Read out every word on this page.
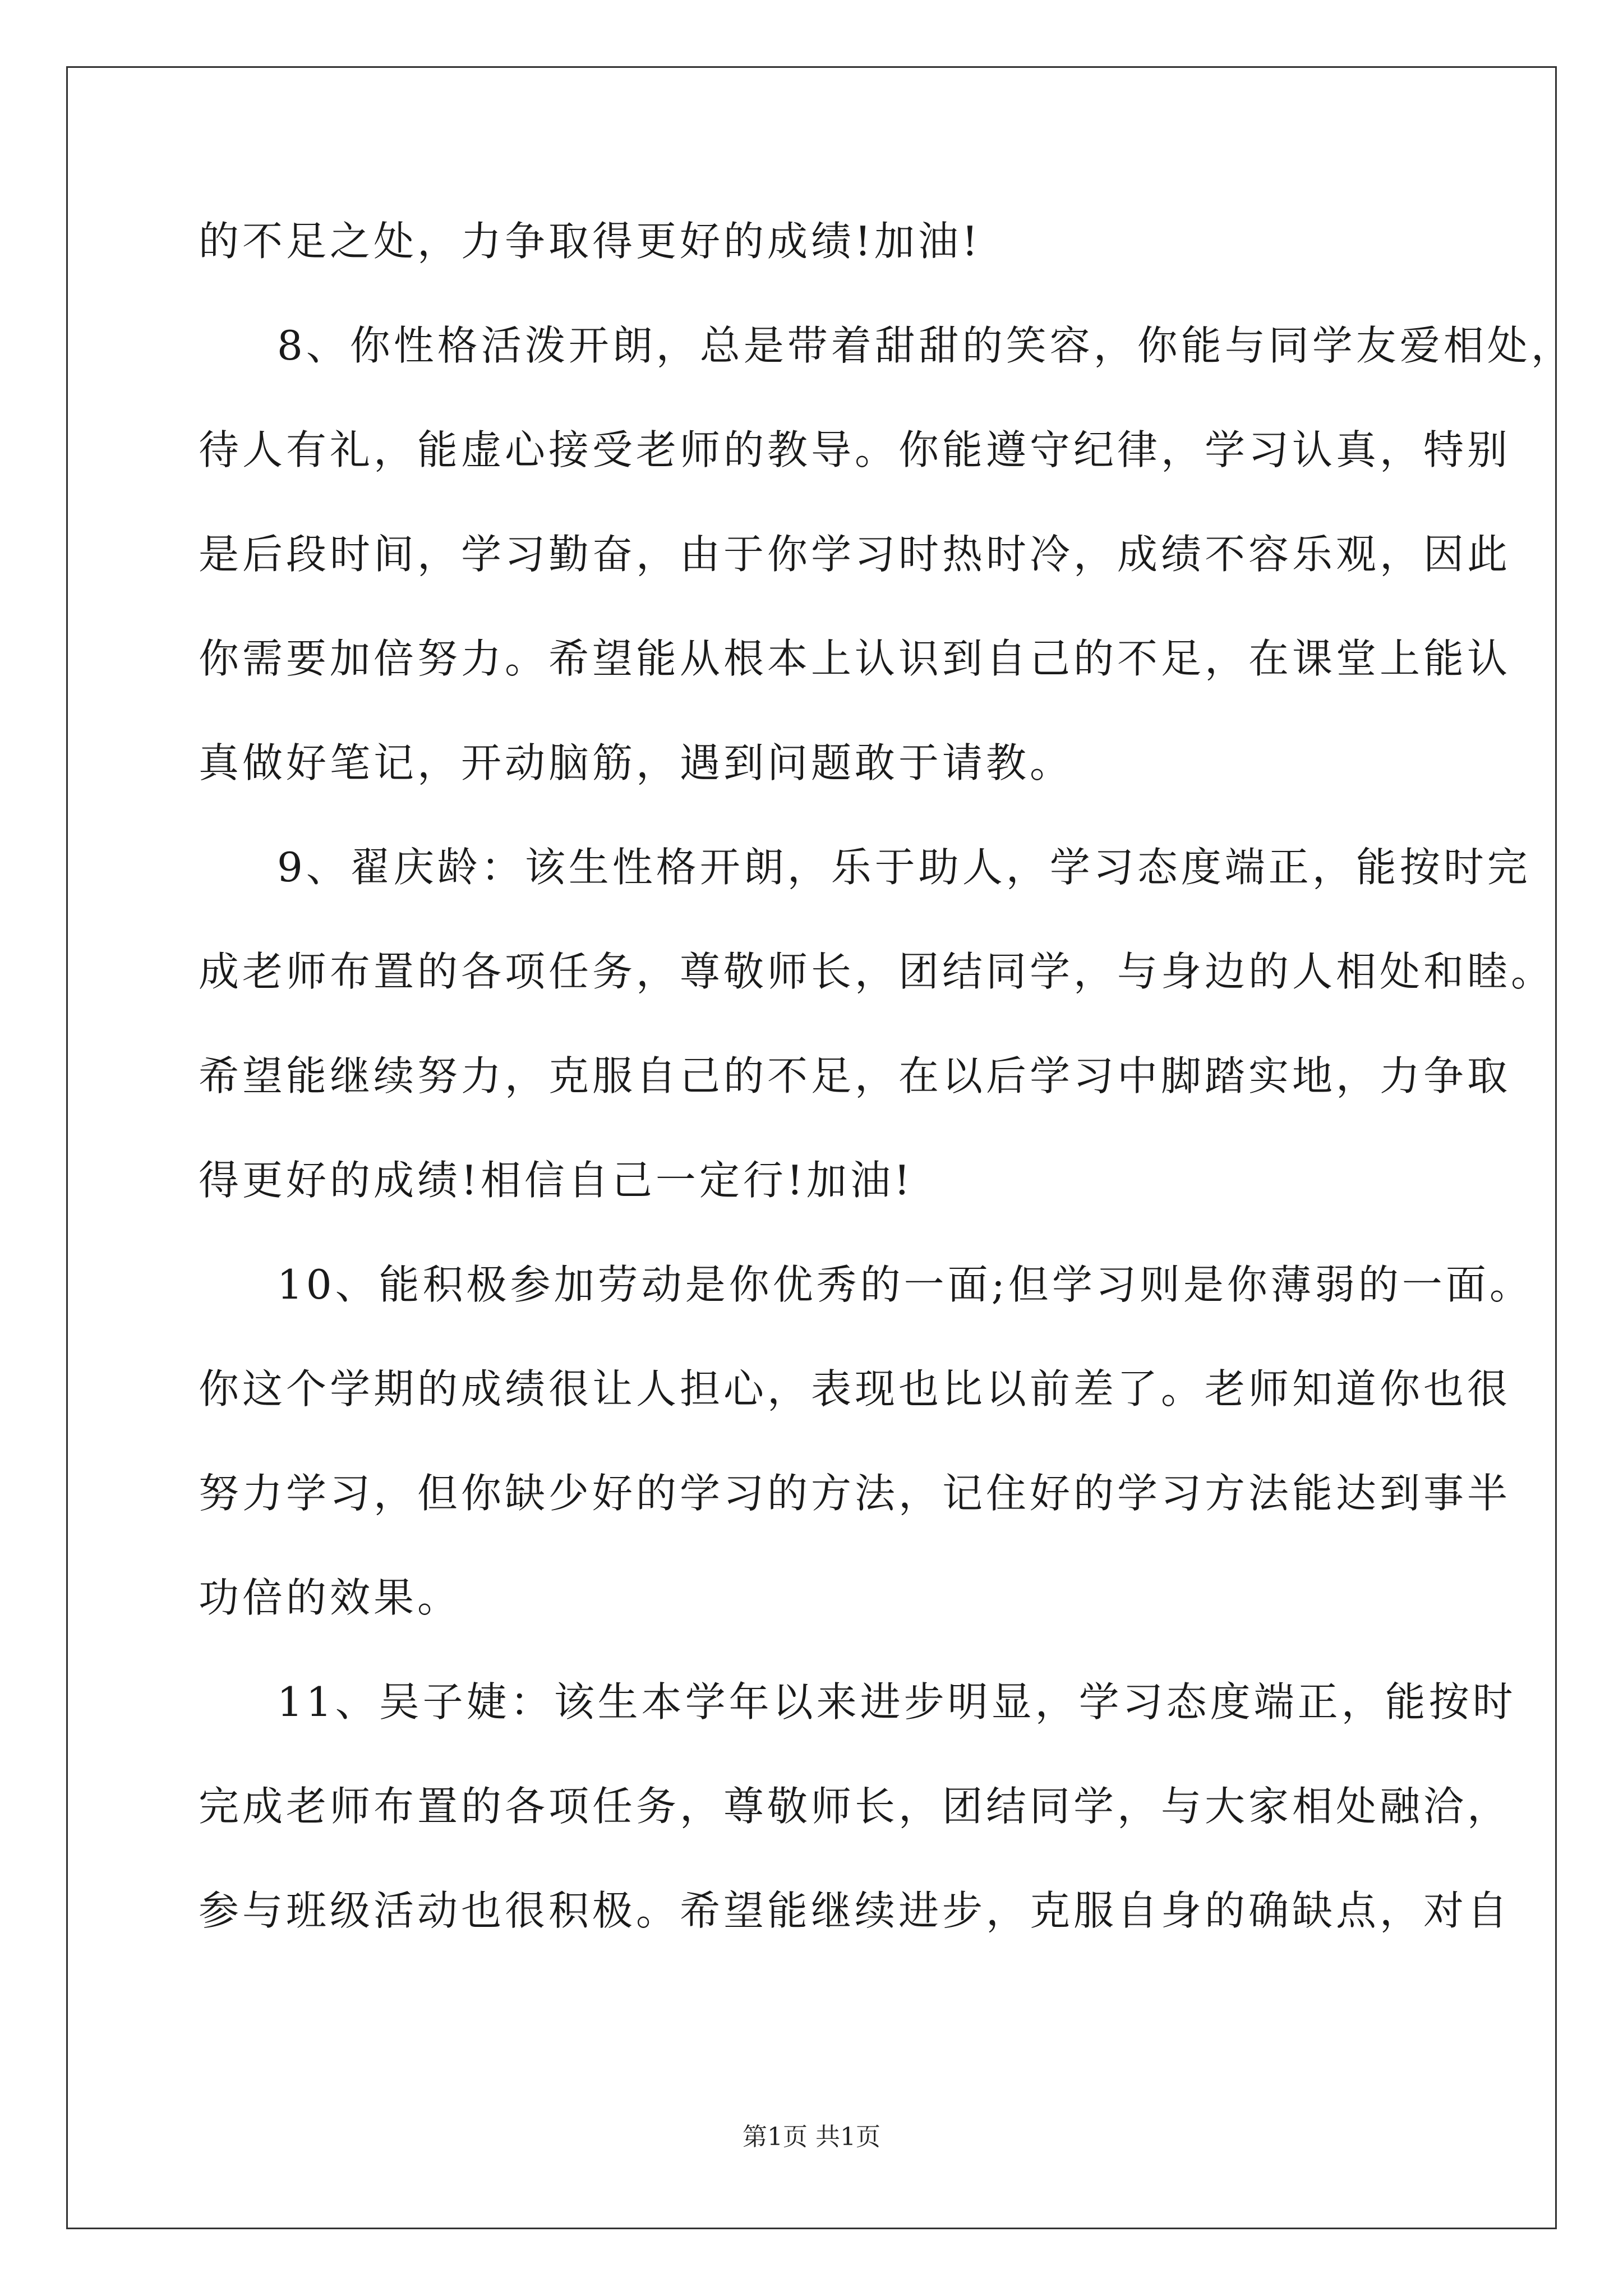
的不足之处，力争取得更好的成绩!加油!
8、你性格活泼开朗，总是带着甜甜的笑容，你能与同学友爱相处，
待人有礼，能虚心接受老师的教导。你能遵守纪律，学习认真，特别
是后段时间，学习勤奋，由于你学习时热时冷，成绩不容乐观，因此
你需要加倍努力。希望能从根本上认识到自己的不足，在课堂上能认
真做好笔记，开动脑筋，遇到问题敢于请教。
9、翟庆龄：该生性格开朗，乐于助人，学习态度端正，能按时完
成老师布置的各项任务，尊敬师长，团结同学，与身边的人相处和睦。
希望能继续努力，克服自己的不足，在以后学习中脚踏实地，力争取
得更好的成绩!相信自己一定行!加油!
10、能积极参加劳动是你优秀的一面;但学习则是你薄弱的一面。
你这个学期的成绩很让人担心，表现也比以前差了。老师知道你也很
努力学习，但你缺少好的学习的方法，记住好的学习方法能达到事半
功倍的效果。
11、吴子婕：该生本学年以来进步明显，学习态度端正，能按时
完成老师布置的各项任务，尊敬师长，团结同学，与大家相处融洽，
参与班级活动也很积极。希望能继续进步，克服自身的确缺点，对自
第1页 共1页
